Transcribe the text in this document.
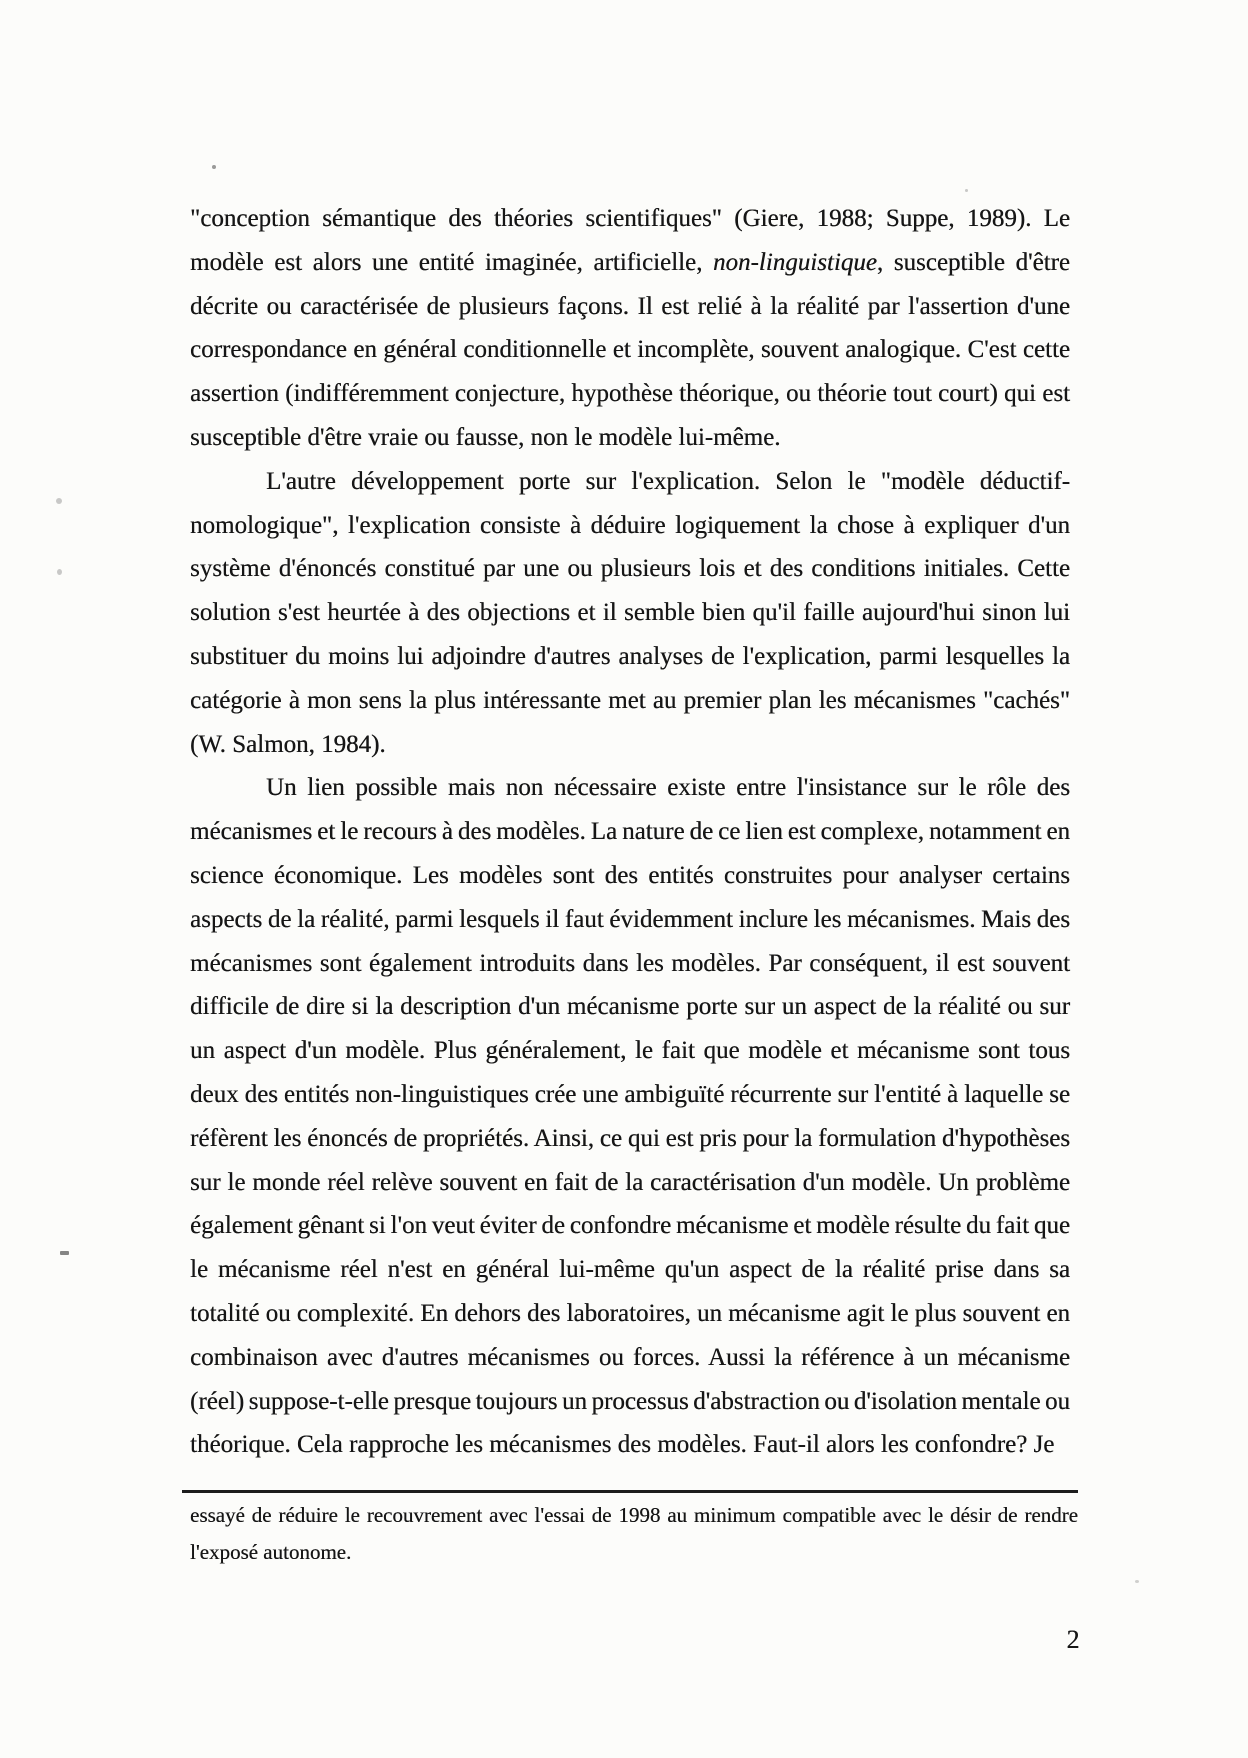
"conception sémantique des théories scientifiques" (Giere, 1988; Suppe, 1989). Le
modèle est alors une entité imaginée, artificielle, non-linguistique, susceptible d'être
décrite ou caractérisée de plusieurs façons. Il est relié à la réalité par l'assertion d'une
correspondance en général conditionnelle et incomplète, souvent analogique. C'est cette
assertion (indifféremment conjecture, hypothèse théorique, ou théorie tout court) qui est
susceptible d'être vraie ou fausse, non le modèle lui-même.
L'autre développement porte sur l'explication. Selon le "modèle déductif-
nomologique", l'explication consiste à déduire logiquement la chose à expliquer d'un
système d'énoncés constitué par une ou plusieurs lois et des conditions initiales. Cette
solution s'est heurtée à des objections et il semble bien qu'il faille aujourd'hui sinon lui
substituer du moins lui adjoindre d'autres analyses de l'explication, parmi lesquelles la
catégorie à mon sens la plus intéressante met au premier plan les mécanismes "cachés"
(W. Salmon, 1984).
Un lien possible mais non nécessaire existe entre l'insistance sur le rôle des
mécanismes et le recours à des modèles. La nature de ce lien est complexe, notamment en
science économique. Les modèles sont des entités construites pour analyser certains
aspects de la réalité, parmi lesquels il faut évidemment inclure les mécanismes. Mais des
mécanismes sont également introduits dans les modèles. Par conséquent, il est souvent
difficile de dire si la description d'un mécanisme porte sur un aspect de la réalité ou sur
un aspect d'un modèle. Plus généralement, le fait que modèle et mécanisme sont tous
deux des entités non-linguistiques crée une ambiguïté récurrente sur l'entité à laquelle se
réfèrent les énoncés de propriétés. Ainsi, ce qui est pris pour la formulation d'hypothèses
sur le monde réel relève souvent en fait de la caractérisation d'un modèle. Un problème
également gênant si l'on veut éviter de confondre mécanisme et modèle résulte du fait que
le mécanisme réel n'est en général lui-même qu'un aspect de la réalité prise dans sa
totalité ou complexité. En dehors des laboratoires, un mécanisme agit le plus souvent en
combinaison avec d'autres mécanismes ou forces. Aussi la référence à un mécanisme
(réel) suppose-t-elle presque toujours un processus d'abstraction ou d'isolation mentale ou
théorique. Cela rapproche les mécanismes des modèles. Faut-il alors les confondre? Je
essayé de réduire le recouvrement avec l'essai de 1998 au minimum compatible avec le désir de rendre
l'exposé autonome.
2
